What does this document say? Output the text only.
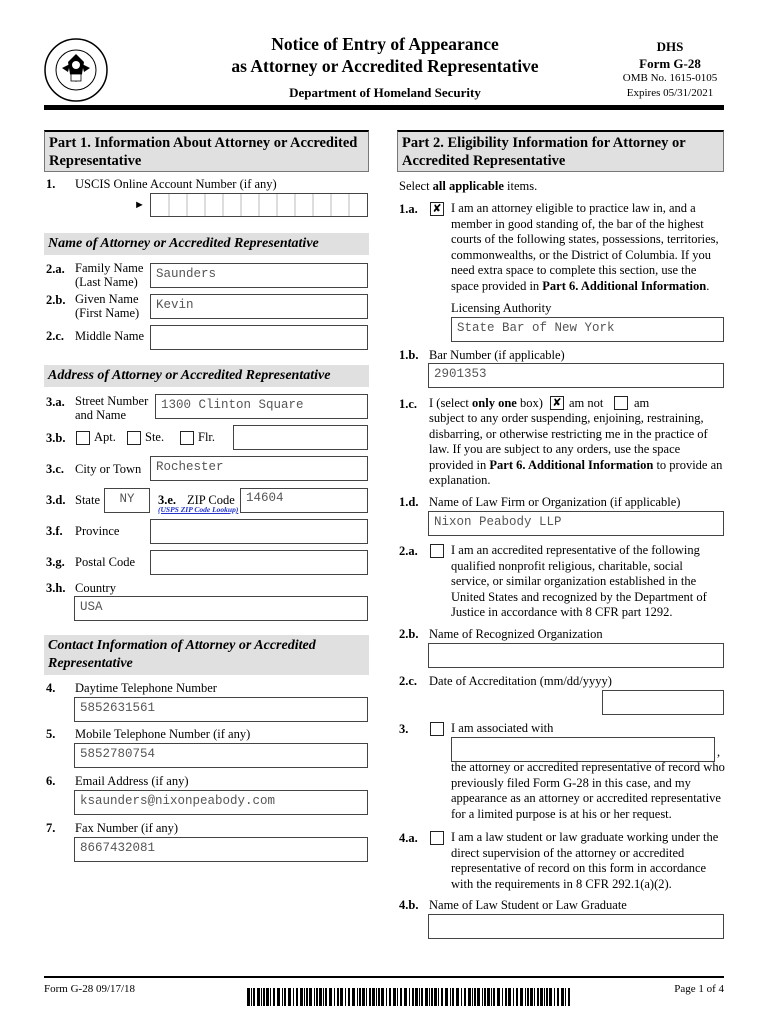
Notice of Entry of Appearance
as Attorney or Accredited Representative
Department of Homeland Security
DHS
Form G-28
OMB No. 1615-0105
Expires 05/31/2021
Part 1. Information About Attorney or Accredited Representative
1. USCIS Online Account Number (if any)
►
Name of Attorney or Accredited Representative
2.a. Family Name (Last Name)
Saunders
2.b. Given Name (First Name)
Kevin
2.c. Middle Name
Address of Attorney or Accredited Representative
3.a. Street Number and Name
1300 Clinton Square
3.b. Apt. Ste.	Flr.
3.c. City or Town	Rochester
3.d. State	NY	3.e. ZIP Code
(USPS ZIP Code Lookup)
14604
3.f. Province
3.g. Postal Code
3.h. Country
USA
Contact Information of Attorney or Accredited Representative
4. Daytime Telephone Number
5852631561
5. Mobile Telephone Number (if any)
5852780754
6. Email Address (if any)
ksaunders@nixonpeabody.com
7. Fax Number (if any)
8667432081
Part 2. Eligibility Information for Attorney or Accredited Representative
Select all applicable items.
1.a. ✘ I am an attorney eligible to practice law in, and a member in good standing of, the bar of the highest courts of the following states, possessions, territories, commonwealths, or the District of Columbia. If you need extra space to complete this section, use the space provided in Part 6. Additional Information.
Licensing Authority
State Bar of New York
1.b. Bar Number (if applicable)
2901353
1.c. I (select only one box) ✘ am not am
subject to any order suspending, enjoining, restraining, disbarring, or otherwise restricting me in the practice of law. If you are subject to any orders, use the space provided in Part 6. Additional Information to provide an explanation.
1.d. Name of Law Firm or Organization (if applicable)
Nixon Peabody LLP
2.a.	I am an accredited representative of the following qualified nonprofit religious, charitable, social service, or similar organization established in the United States and recognized by the Department of Justice in accordance with 8 CFR part 1292.
2.b. Name of Recognized Organization
2.c. Date of Accreditation (mm/dd/yyyy)
3.	I am associated with
,
the attorney or accredited representative of record who previously filed Form G-28 in this case, and my appearance as an attorney or accredited representative for a limited purpose is at his or her request.
4.a.	I am a law student or law graduate working under the direct supervision of the attorney or accredited representative of record on this form in accordance with the requirements in 8 CFR 292.1(a)(2).
4.b. Name of Law Student or Law Graduate
Form G-28 09/17/18	Page 1 of 4
